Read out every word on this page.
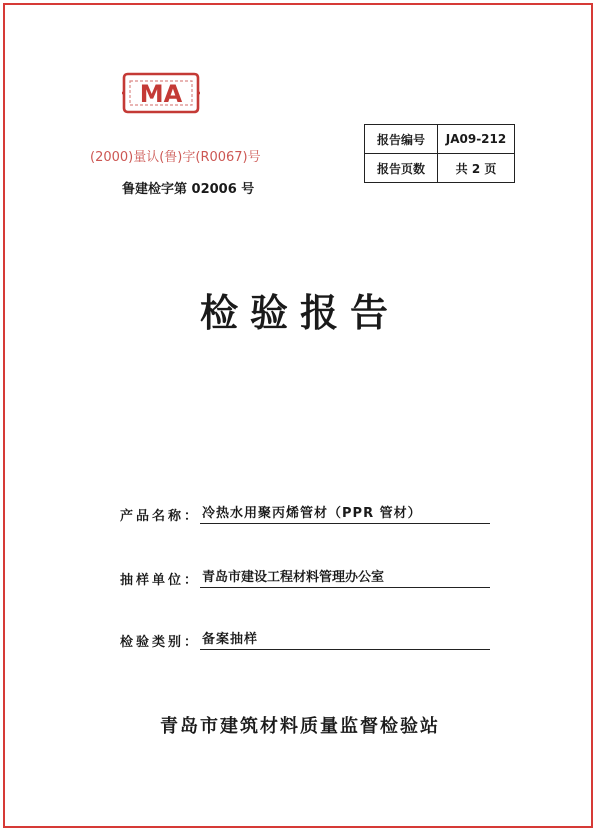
MA
(2000)量认(鲁)字(R0067)号
鲁建检字第 02006 号
报告编号	JA09-212
报告页数	共 2 页
检验报告
产品名称： 冷热水用聚丙烯管材（PPR 管材）
抽样单位： 青岛市建设工程材料管理办公室
检验类别： 备案抽样
青岛市建筑材料质量监督检验站
